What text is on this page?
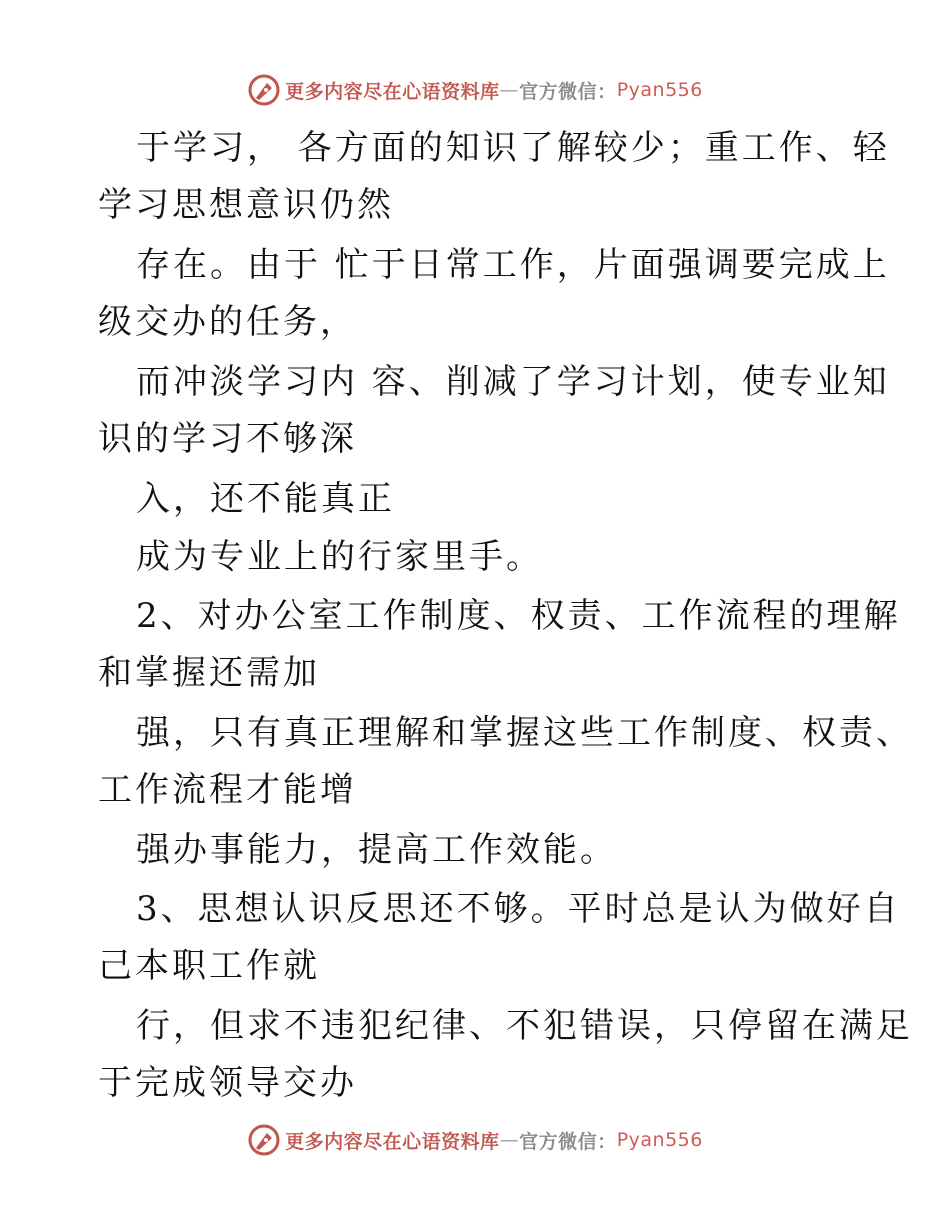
更多内容尽在心语资料库 — 官方微信： Pyan556
于学习， 各方面的知识了解较少；重工作、轻
学习思想意识仍然
存在。由于 忙于日常工作，片面强调要完成上
级交办的任务，
而冲淡学习内 容、削减了学习计划，使专业知
识的学习不够深
入，还不能真正
成为专业上的行家里手。
2、对办公室工作制度、权责、工作流程的理解
和掌握还需加
强，只有真正理解和掌握这些工作制度、权责、
工作流程才能增
强办事能力，提高工作效能。
3、思想认识反思还不够。平时总是认为做好自
己本职工作就
行，但求不违犯纪律、不犯错误，只停留在满足
于完成领导交办
更多内容尽在心语资料库 — 官方微信： Pyan556
